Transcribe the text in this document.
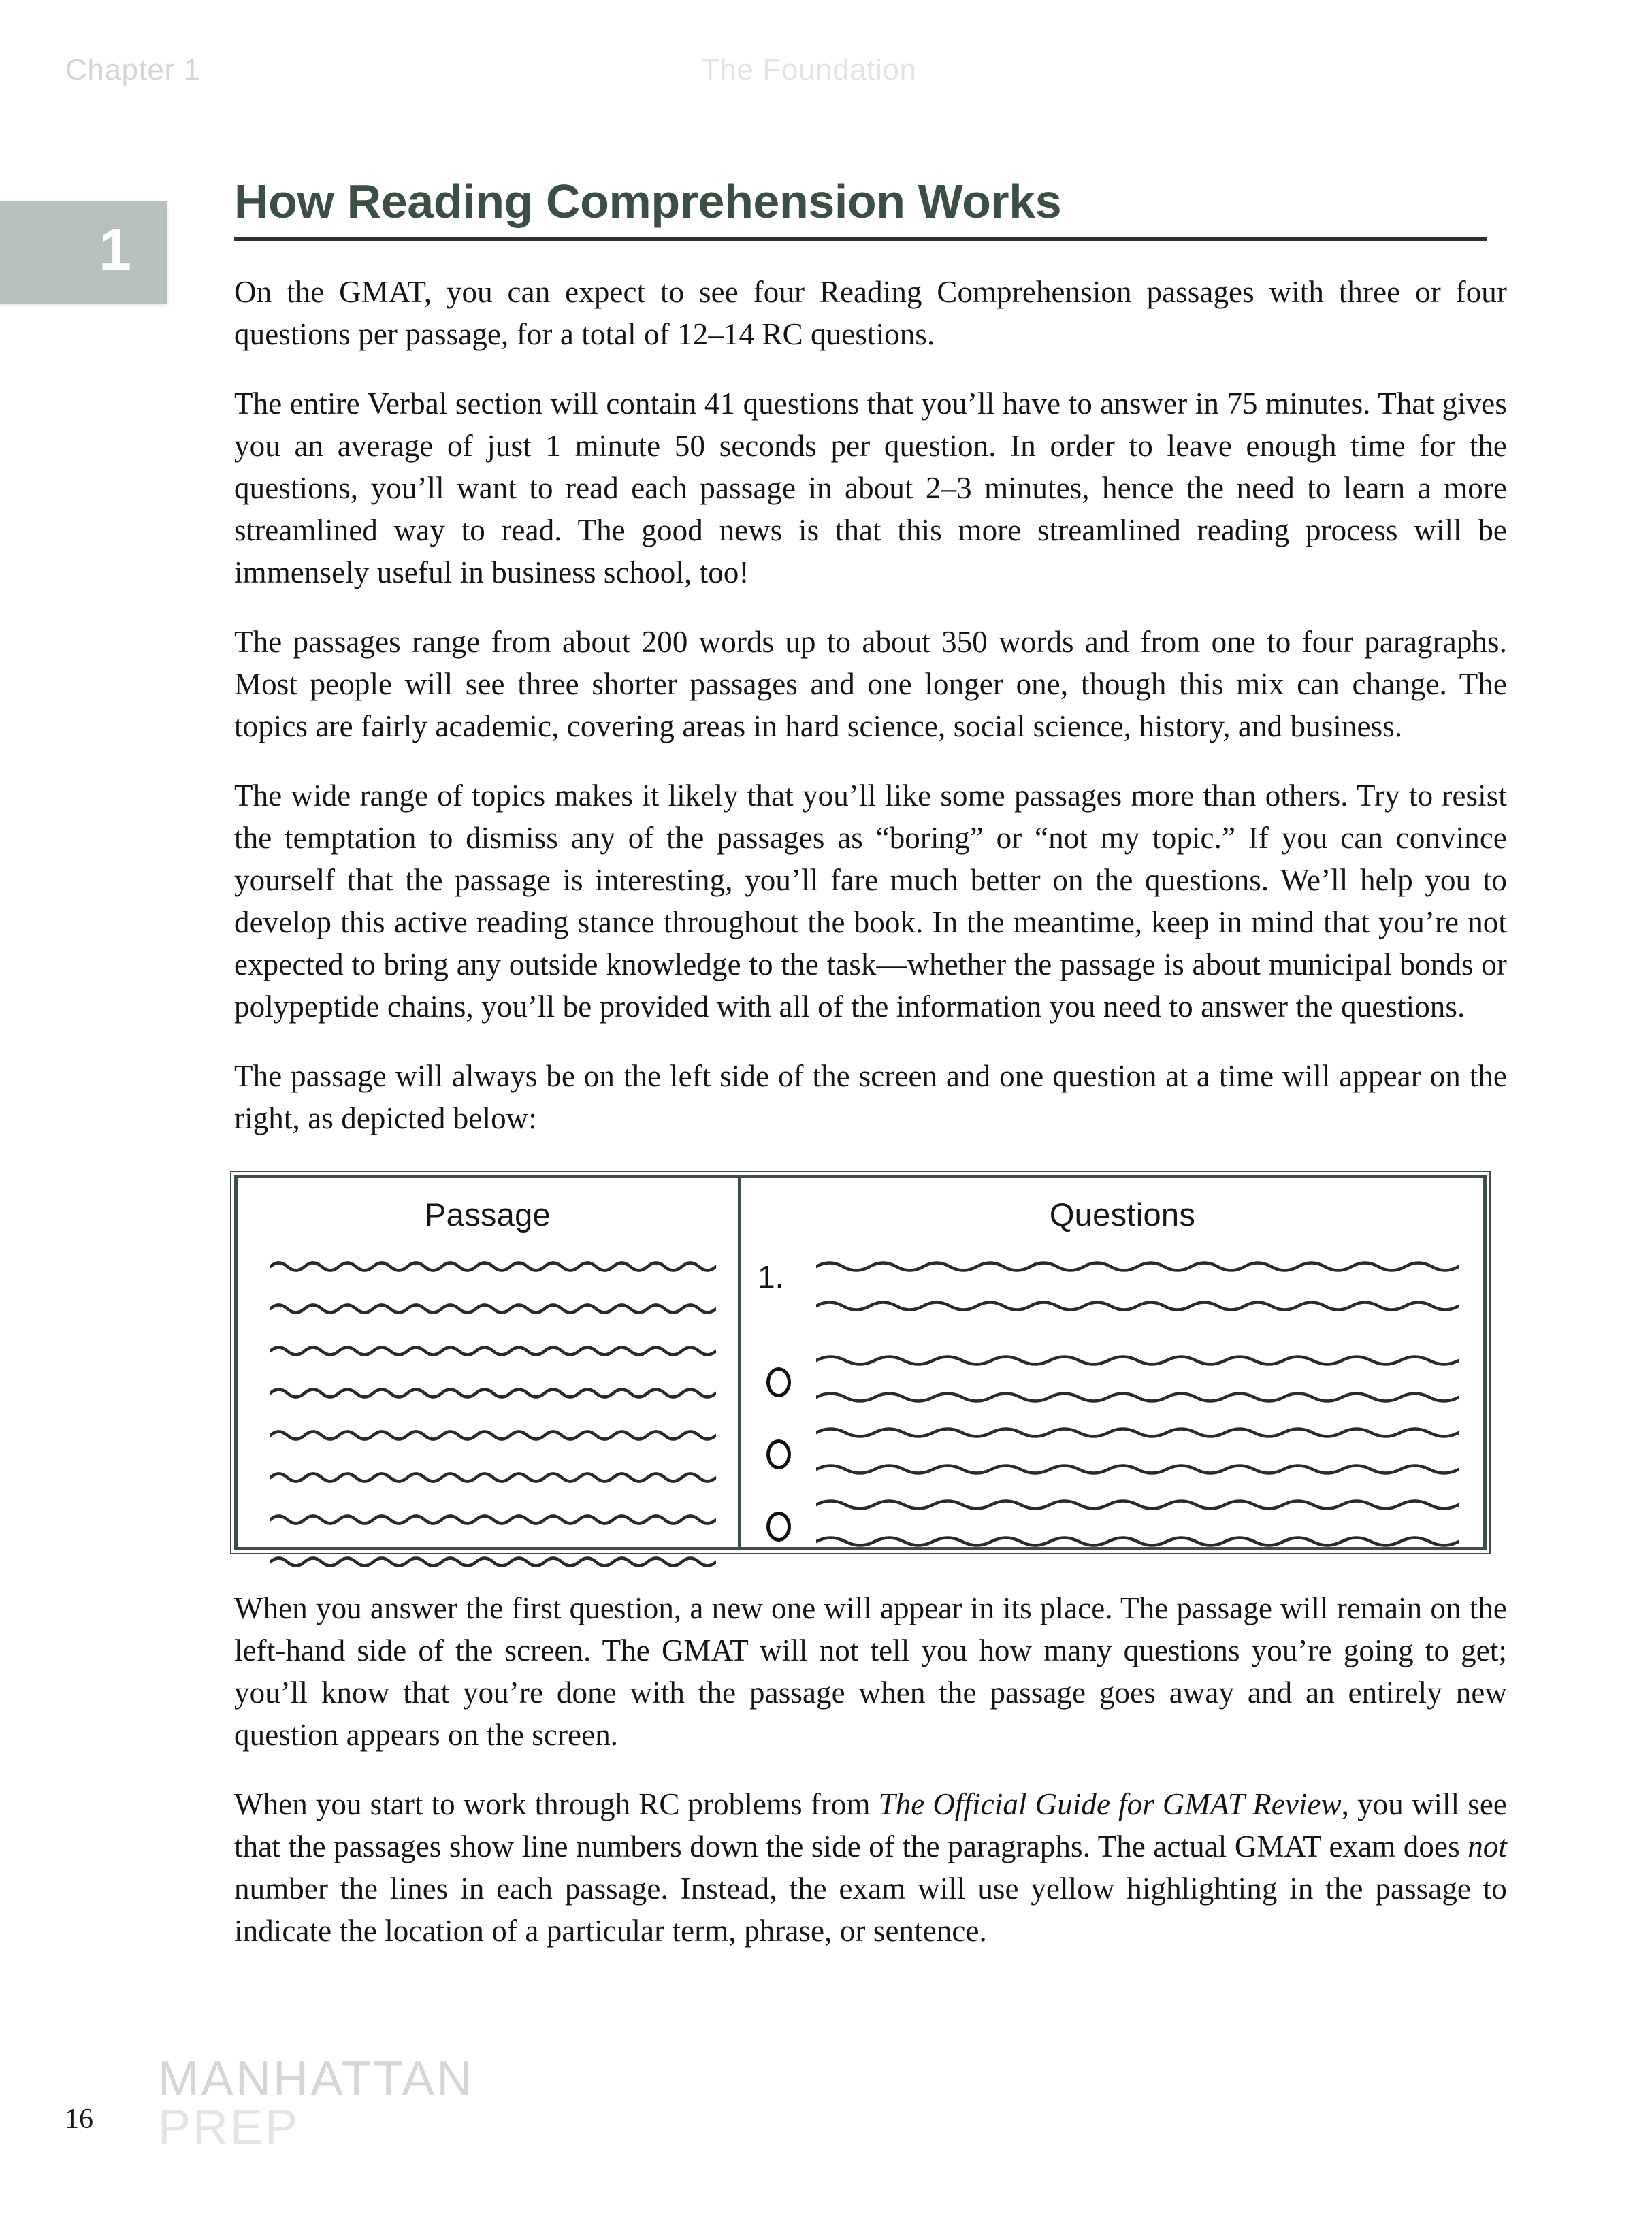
Chapter 1	The Foundation
1
How Reading Comprehension Works

On the GMAT, you can expect to see four Reading Comprehension passages with three or four questions per passage, for a total of 12–14 RC questions.

The entire Verbal section will contain 41 questions that you’ll have to answer in 75 minutes. That gives you an average of just 1 minute 50 seconds per question. In order to leave enough time for the questions, you’ll want to read each passage in about 2–3 minutes, hence the need to learn a more streamlined way to read. The good news is that this more streamlined reading process will be immensely useful in business school, too!

The passages range from about 200 words up to about 350 words and from one to four paragraphs. Most people will see three shorter passages and one longer one, though this mix can change. The topics are fairly academic, covering areas in hard science, social science, history, and business.

The wide range of topics makes it likely that you’ll like some passages more than others. Try to resist the temptation to dismiss any of the passages as “boring” or “not my topic.” If you can convince yourself that the passage is interesting, you’ll fare much better on the questions. We’ll help you to develop this active reading stance throughout the book. In the meantime, keep in mind that you’re not expected to bring any outside knowledge to the task—whether the passage is about municipal bonds or polypeptide chains, you’ll be provided with all of the information you need to answer the questions.

The passage will always be on the left side of the screen and one question at a time will appear on the right, as depicted below:

Passage	Questions
1.

When you answer the first question, a new one will appear in its place. The passage will remain on the left-hand side of the screen. The GMAT will not tell you how many questions you’re going to get; you’ll know that you’re done with the passage when the passage goes away and an entirely new question appears on the screen.

When you start to work through RC problems from The Official Guide for GMAT Review, you will see that the passages show line numbers down the side of the paragraphs. The actual GMAT exam does not number the lines in each passage. Instead, the exam will use yellow highlighting in the passage to indicate the location of a particular term, phrase, or sentence.

16
MANHATTAN
PREP
